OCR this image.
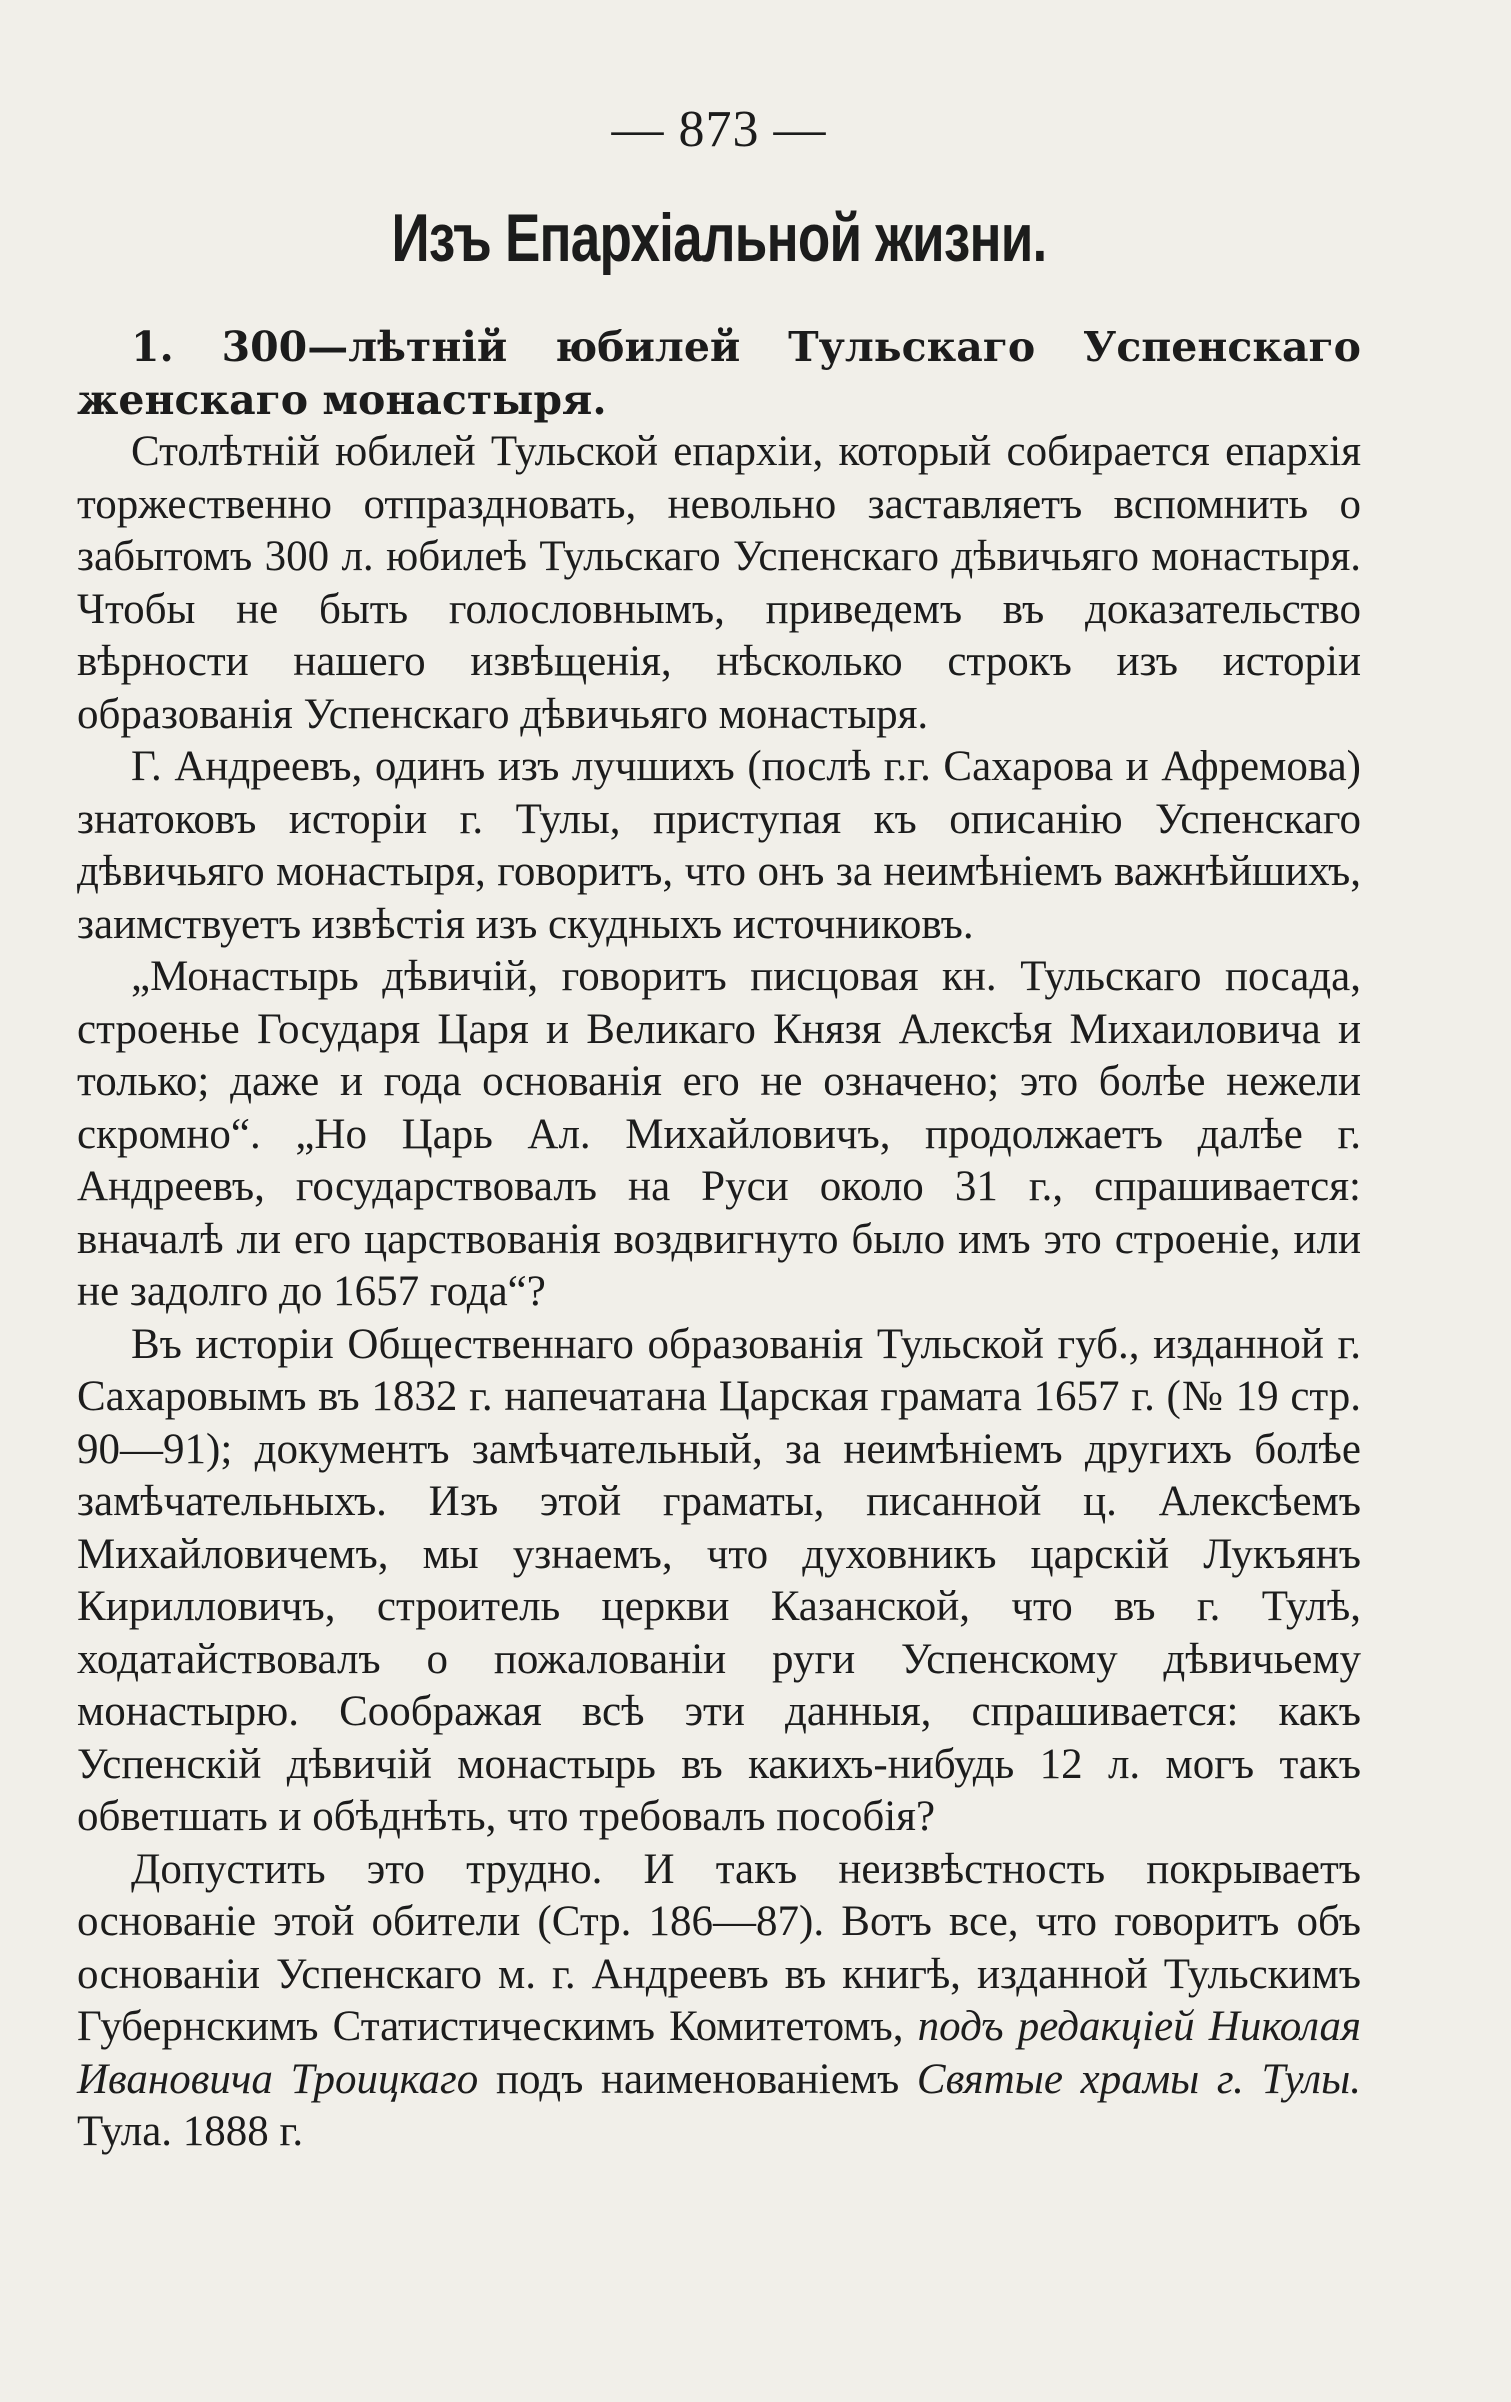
— 873 —
Изъ Епархіальной жизни.

1. 300—лѣтній юбилей Тульскаго Успенскаго женскаго монастыря.

Столѣтній юбилей Тульской епархіи, который собирается епархія торжественно отпраздновать, невольно заставляетъ вспомнить о забытомъ 300 л. юбилеѣ Тульскаго Успенскаго дѣвичьяго монастыря. Чтобы не быть голословнымъ, приведемъ въ доказательство вѣрности нашего извѣщенія, нѣсколько строкъ изъ исторіи образованія Успенскаго дѣвичьяго монастыря.

Г. Андреевъ, одинъ изъ лучшихъ (послѣ г.г. Сахарова и Афремова) знатоковъ исторіи г. Тулы, приступая къ описанію Успенскаго дѣвичьяго монастыря, говоритъ, что онъ за неимѣніемъ важнѣйшихъ, заимствуетъ извѣстія изъ скудныхъ источниковъ.

„Монастырь дѣвичій, говоритъ писцовая кн. Тульскаго посада, строенье Государя Царя и Великаго Князя Алексѣя Михаиловича и только; даже и года основанія его не означено; это болѣе нежели скромно“. „Но Царь Ал. Михайловичъ, продолжаетъ далѣе г. Андреевъ, государствовалъ на Руси около 31 г., спрашивается: вначалѣ ли его царствованія воздвигнуто было имъ это строеніе, или не задолго до 1657 года“?

Въ исторіи Общественнаго образованія Тульской губ., изданной г. Сахаровымъ въ 1832 г. напечатана Царская грамата 1657 г. (№ 19 стр. 90—91); документъ замѣчательный, за неимѣніемъ другихъ болѣе замѣчательныхъ. Изъ этой граматы, писанной ц. Алексѣемъ Михайловичемъ, мы узнаемъ, что духовникъ царскій Лукъянъ Кирилловичъ, строитель церкви Казанской, что въ г. Тулѣ, ходатайствовалъ о пожалованіи руги Успенскому дѣвичьему монастырю. Соображая всѣ эти данныя, спрашивается: какъ Успенскій дѣвичій монастырь въ какихъ-нибудь 12 л. могъ такъ обветшать и обѣднѣть, что требовалъ пособія?

Допустить это трудно. И такъ неизвѣстность покрываетъ основаніе этой обители (Стр. 186—87). Вотъ все, что говоритъ объ основаніи Успенскаго м. г. Андреевъ въ книгѣ, изданной Тульскимъ Губернскимъ Статистическимъ Комитетомъ, подъ редакціей Николая Ивановича Троицкаго подъ наименованіемъ Святые храмы г. Тулы. Тула. 1888 г.
